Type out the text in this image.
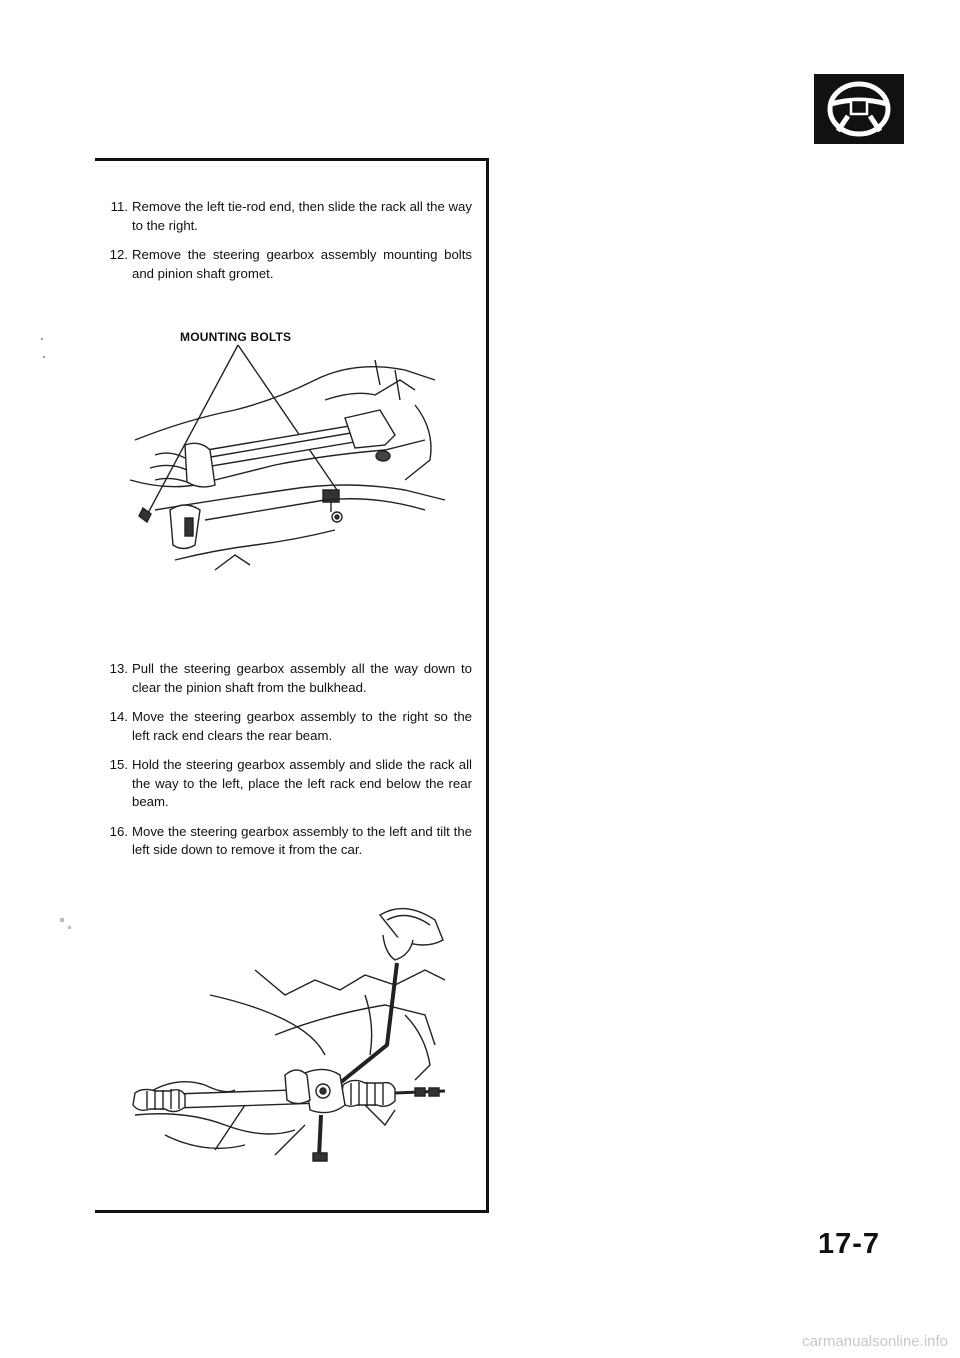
11. Remove the left tie-rod end, then slide the rack all the way to the right.
12. Remove the steering gearbox assembly mounting bolts and pinion shaft gromet.
MOUNTING BOLTS
13. Pull the steering gearbox assembly all the way down to clear the pinion shaft from the bulkhead.
14. Move the steering gearbox assembly to the right so the left rack end clears the rear beam.
15. Hold the steering gearbox assembly and slide the rack all the way to the left, place the left rack end below the rear beam.
16. Move the steering gearbox assembly to the left and tilt the left side down to remove it from the car.
17-7
carmanualsonline.info
